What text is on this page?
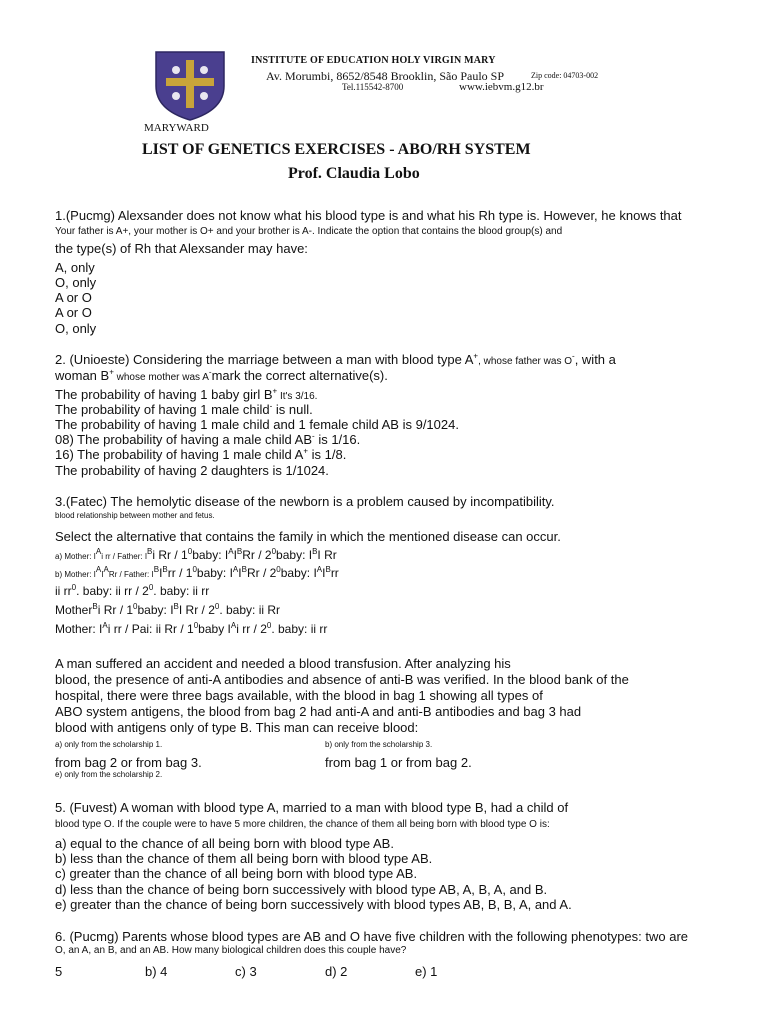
MARYWARD
INSTITUTE OF EDUCATION HOLY VIRGIN MARY
Av. Morumbi, 8652/8548 Brooklin, São Paulo SP	Zip code: 04703-002
Tel.115542-8700	www.iebvm.g12.br
LIST OF GENETICS EXERCISES - ABO/RH SYSTEM
Prof. Claudia Lobo
1.(Pucmg) Alexsander does not know what his blood type is and what his Rh type is. However, he knows that
Your father is A+, your mother is O+ and your brother is A-. Indicate the option that contains the blood group(s) and
the type(s) of Rh that Alexsander may have:
A, only
O, only
A or O
A or O
O, only
2. (Unioeste) Considering the marriage between a man with blood type A+, whose father was O-, with a
woman B+ whose mother was A-mark the correct alternative(s).
The probability of having 1 baby girl B+ It's 3/16.
The probability of having 1 male child- is null.
The probability of having 1 male child and 1 female child AB is 9/1024.
08) The probability of having a male child AB- is 1/16.
16) The probability of having 1 male child A+ is 1/8.
The probability of having 2 daughters is 1/1024.
3.(Fatec) The hemolytic disease of the newborn is a problem caused by incompatibility.
blood relationship between mother and fetus.
Select the alternative that contains the family in which the mentioned disease can occur.
a) Mother: $I^Ai$ rr / Father: $I^Bi$ Rr / $1^0baby$: $I^AI^BRr$ / $2^0baby$: $I^BI$ Rr
b) Mother: $I^AI^ARr$ / Father: $I^BI^Brr$ / $1^0baby$: $I^AI^BRr$ / $2^0baby$: $I^AI^Brr$
ii $rr^0$. baby: ii rr / $2^0$. baby: ii rr
Mother$^B$i Rr / $1^0baby$: $I^BI$ Rr / $2^0$. baby: ii Rr
Mother: $I^Ai$ rr / Pai: ii Rr / $1^0baby$ $I^Ai$ rr / $2^0$. baby: ii rr
A man suffered an accident and needed a blood transfusion. After analyzing his
blood, the presence of anti-A antibodies and absence of anti-B was verified. In the blood bank of the
hospital, there were three bags available, with the blood in bag 1 showing all types of
ABO system antigens, the blood from bag 2 had anti-A and anti-B antibodies and bag 3 had
blood with antigens only of type B. This man can receive blood:
a) only from the scholarship 1.	b) only from the scholarship 3.
from bag 2 or from bag 3.	from bag 1 or from bag 2.
e) only from the scholarship 2.
5. (Fuvest) A woman with blood type A, married to a man with blood type B, had a child of
blood type O. If the couple were to have 5 more children, the chance of them all being born with blood type O is:
a) equal to the chance of all being born with blood type AB.
b) less than the chance of them all being born with blood type AB.
c) greater than the chance of all being born with blood type AB.
d) less than the chance of being born successively with blood type AB, A, B, A, and B.
e) greater than the chance of being born successively with blood types AB, B, B, A, and A.
6. (Pucmg) Parents whose blood types are AB and O have five children with the following phenotypes: two are
O, an A, an B, and an AB. How many biological children does this couple have?
5	b) 4	c) 3	d) 2	e) 1
